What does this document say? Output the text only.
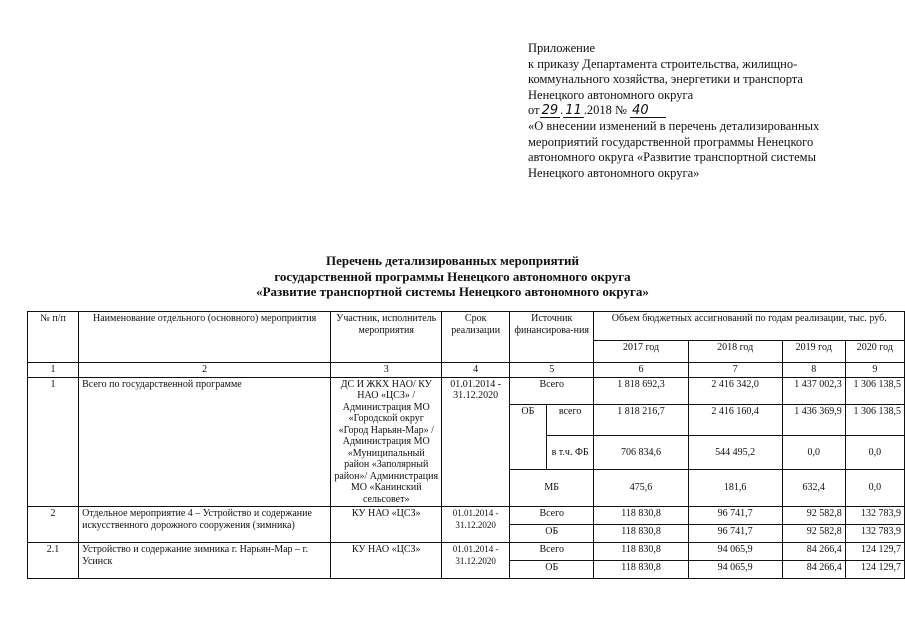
Приложение
к приказу Департамента строительства, жилищно-
коммунального хозяйства, энергетики и транспорта
Ненецкого автономного округа
от 29 . 11 .2018 № 40
«О внесении изменений в перечень детализированных
мероприятий государственной программы Ненецкого
автономного округа «Развитие транспортной системы
Ненецкого автономного округа»
Перечень детализированных мероприятий
государственной программы Ненецкого автономного округа
«Развитие транспортной системы Ненецкого автономного округа»
№ п/п	Наименование отдельного (основного) мероприятия	Участник, исполнитель мероприятия	Срок реализации	Источник финансирова-ния		Объем бюджетных ассигнований по годам реализации, тыс. руб.			
						2017 год	2018 год	2019 год	2020 год
1	2	3	4	5		6	7	8	9
1	Всего по государственной программе	ДС И ЖКХ НАО/ КУ НАО «ЦСЗ» /Администрация МО «Городской округ «Город Нарьян-Мар» / Администрация МО «Муниципальный район «Заполярный район»/ Администрация МО «Канинский сельсовет»	01.01.2014 - 31.12.2020	Всего		1 818 692,3	2 416 342,0	1 437 002,3	1 306 138,5
				ОБ	всего	1 818 216,7	2 416 160,4	1 436 369,9	1 306 138,5
					в т.ч. ФБ	706 834,6	544 495,2	0,0	0,0
				МБ		475,6	181,6	632,4	0,0
2	Отдельное мероприятие 4 – Устройство и содержание искусственного дорожного сооружения (зимника)	КУ НАО «ЦСЗ»	01.01.2014 - 31.12.2020	Всего		118 830,8	96 741,7	92 582,8	132 783,9
				ОБ		118 830,8	96 741,7	92 582,8	132 783,9
2.1	Устройство и содержание зимника г. Нарьян-Мар – г. Усинск	КУ НАО «ЦСЗ»	01.01.2014 - 31.12.2020	Всего		118 830,8	94 065,9	84 266,4	124 129,7
				ОБ		118 830,8	94 065,9	84 266,4	124 129,7
